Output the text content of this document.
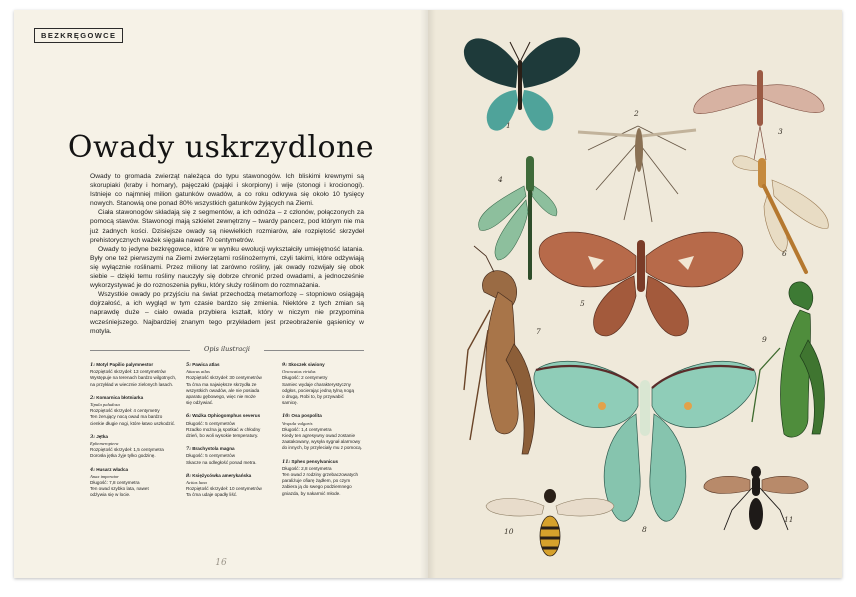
BEZKRĘGOWCE
Owady uskrzydlone

Owady to gromada zwierząt należąca do typu stawonogów. Ich bliskimi krewnymi są skorupiaki (kraby i homary), pajęczaki (pająki i skorpiony) i wije (stonogi i krocionogi). Istnieje co najmniej milion gatunków owadów, a co roku odkrywa się około 10 tysięcy nowych. Stanowią one ponad 80% wszystkich gatunków żyjących na Ziemi.

Ciała stawonogów składają się z segmentów, a ich odnóża – z członów, połączonych za pomocą stawów. Stawonogi mają szkielet zewnętrzny – twardy pancerz, pod którym nie ma już żadnych kości. Dzisiejsze owady są niewielkich rozmiarów, ale rozpiętość skrzydeł prehistorycznych ważek sięgała nawet 70 centymetrów.

Owady to jedyne bezkręgowce, które w wyniku ewolucji wykształciły umiejętność latania. Były one też pierwszymi na Ziemi zwierzętami roślinożernymi, czyli takimi, które odżywiają się wyłącznie roślinami. Przez miliony lat zarówno rośliny, jak owady rozwijały się obok siebie – dzięki temu rośliny nauczyły się dobrze chronić przed owadami, a jednocześnie wykorzystywać je do roznoszenia pyłku, który służy roślinom do rozmnażania.

Wszystkie owady po przyjściu na świat przechodzą metamorfozę – stopniowo osiągają dojrzałość, a ich wygląd w tym czasie bardzo się zmienia. Niektóre z tych zmian są naprawdę duże – ciało owada przybiera kształt, który w niczym nie przypomina wcześniejszego. Najbardziej znanym tego przykładem jest przeobrażenie gąsienicy w motyla.

Opis ilustracji
1: Motyl Papilio palymnestor
Rozpiętość skrzydeł: 13 centymetrów
Występuje na terenach bardzo wilgotnych,
na przykład w wiecznie zielonych lasach.
2: Komarnica błotniarka
Tipula paludosa
Rozpiętość skrzydeł: 4 centymetry
Ten żerujący nocą owad ma bardzo
cienkie długie nogi, które łatwo uszkodzić.
3: Jętka
Ephemeroptera
Rozpiętość skrzydeł: 1,5 centymetra
Dorosła jętka żyje tylko godzinę.
4: Husarz władca
Anax imperator
Długość: 7,8 centymetra
Ten owad szybko lata, nawet
odżywia się w locie.
5: Pawica atlas
Attacus atlas
Rozpiętość skrzydeł: 30 centymetrów
Ta ćma ma największe skrzydła ze
wszystkich owadów, ale nie posiada
aparatu gębowego, więc nie może
się odżywiać.
6: Ważka Ophiogomphus severus
Długość: 5 centymetrów
Rzadko można ją spotkać w chłodny
dzień, bo woli wysokie temperatury.
7: Brachystola magna
Długość: 5 centymetrów
Skacze na odległość ponad metra.
8: Księżycówka amerykańska
Actias luna
Rozpiętość skrzydeł: 10 centymetrów
Ta ćma udaje opadły liść.
9: Skoczek siwiony
Oncocatus viridus
Długość: 2 centymetry
Samiec wydaje charakterystyczny
odgłos, pocierając jedną tylną nogą
o drugą. Robi to, by przywabić
samicę.
10: Osa pospolita
Vespula vulgaris
Długość: 1,4 centymetra
Kiedy ten agresywny owad zostanie
zaatakowany, wysyła sygnał alarmowy
do innych, by przyleciały mu z pomocą.
11: Sphex pensylvanicus
Długość: 2,8 centymetra
Ten owad z rodziny grzebaczowatych
paraliżuje ofiarę żądłem, po czym
zabiera ją do swego podziemnego
gniazda, by nakarmić młode.
16
1
2
3
4
6
5
7
9
8
10
11
